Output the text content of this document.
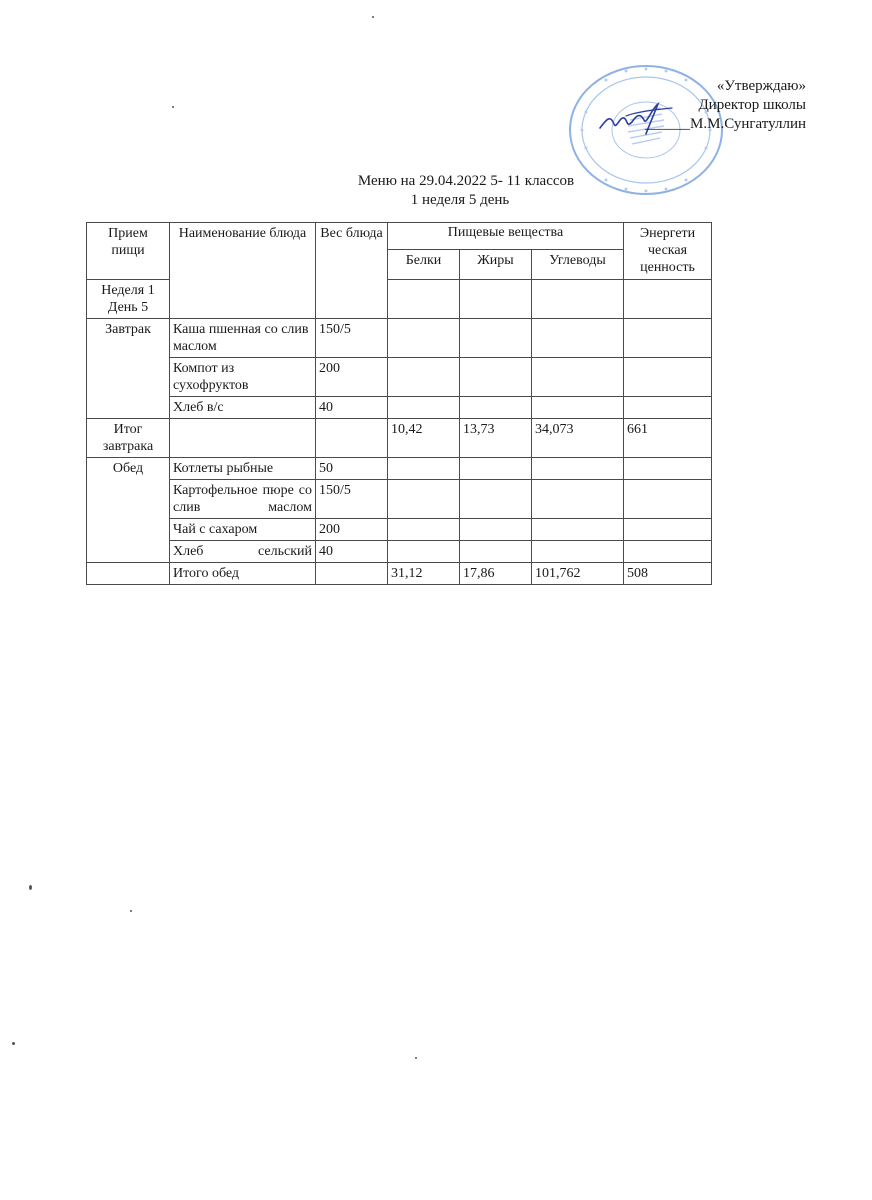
«Утверждаю»
Директор школы
______М.М.Сунгатуллин
Меню на 29.04.2022 5- 11 классов
1 неделя 5 день
Прием пищи	Наименование блюда	Вес блюда	Пищевые вещества			Энергети ческая ценность
			Белки	Жиры	Углеводы	
Неделя 1 День 5						
Завтрак	Каша пшенная со слив маслом	150/5				
	Компот из сухофруктов	200				
	Хлеб в/с	40				
Итог завтрака			10,42	13,73	34,073	661
Обед	Котлеты рыбные	50				
	Картофельное пюре со слив маслом	150/5				
	Чай с сахаром	200				
	Хлеб сельский	40				
	Итого обед		31,12	17,86	101,762	508
